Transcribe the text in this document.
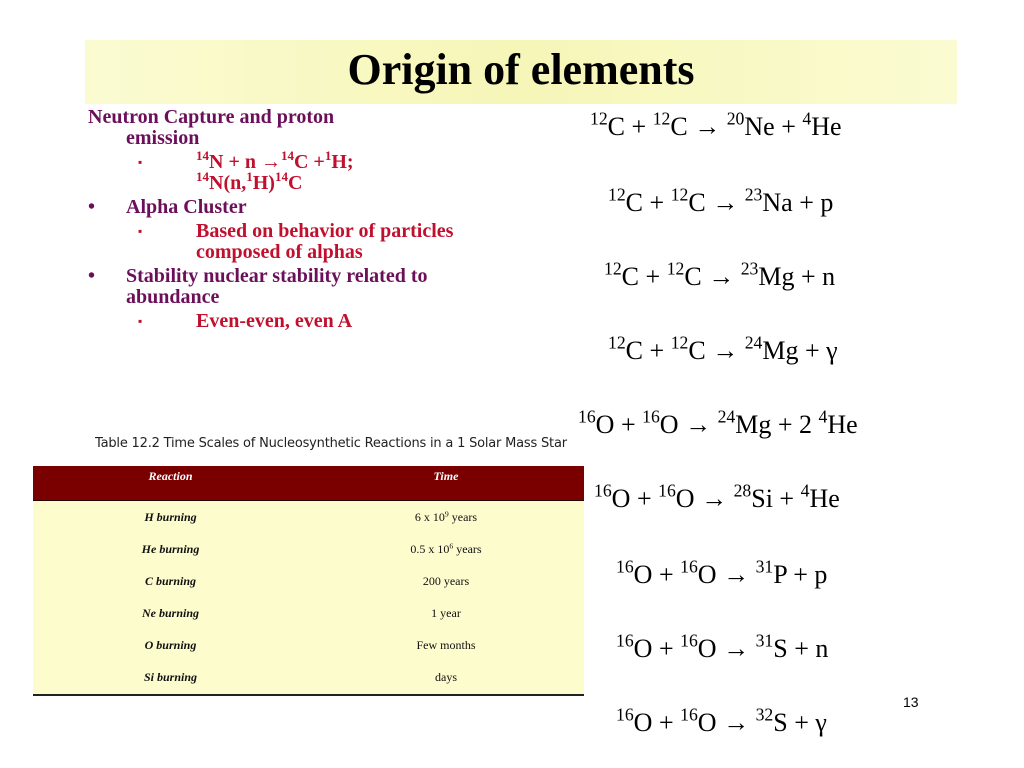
Origin of elements
Neutron Capture and proton
emission
▪	$^{14}$N + n →$^{14}$C +$^1$H;
$^{14}N(n,^1H)^{14}C$
• Alpha Cluster
▪	Based on behavior of particles composed of alphas
• Stability nuclear stability related to abundance
▪	Even-even, even A
Table 12.2 Time Scales of Nucleosynthetic Reactions in a 1 Solar Mass Star
Reaction	Time
H burning	6 x $10^9$ years
He burning	0.5 x $10^6$ years
C burning	200 years
Ne burning	1 year
O burning	Few months
Si burning	days
$^{12}$C + $^{12}$C → $^{20}$Ne + $^4$He
$^{12}$C + $^{12}$C → $^{23}$Na + p
$^{12}$C + $^{12}$C → $^{23}$Mg + n
$^{12}$C + $^{12}$C → $^{24}$Mg + γ
$^{16}$O + $^{16}$O → $^{24}$Mg + 2 $^4$He
$^{16}$O + $^{16}$O → $^{28}$Si + $^4$He
$^{16}$O + $^{16}$O → $^{31}$P + p
$^{16}$O + $^{16}$O → $^{31}$S + n
$^{16}$O + $^{16}$O → $^{32}$S + γ
13
